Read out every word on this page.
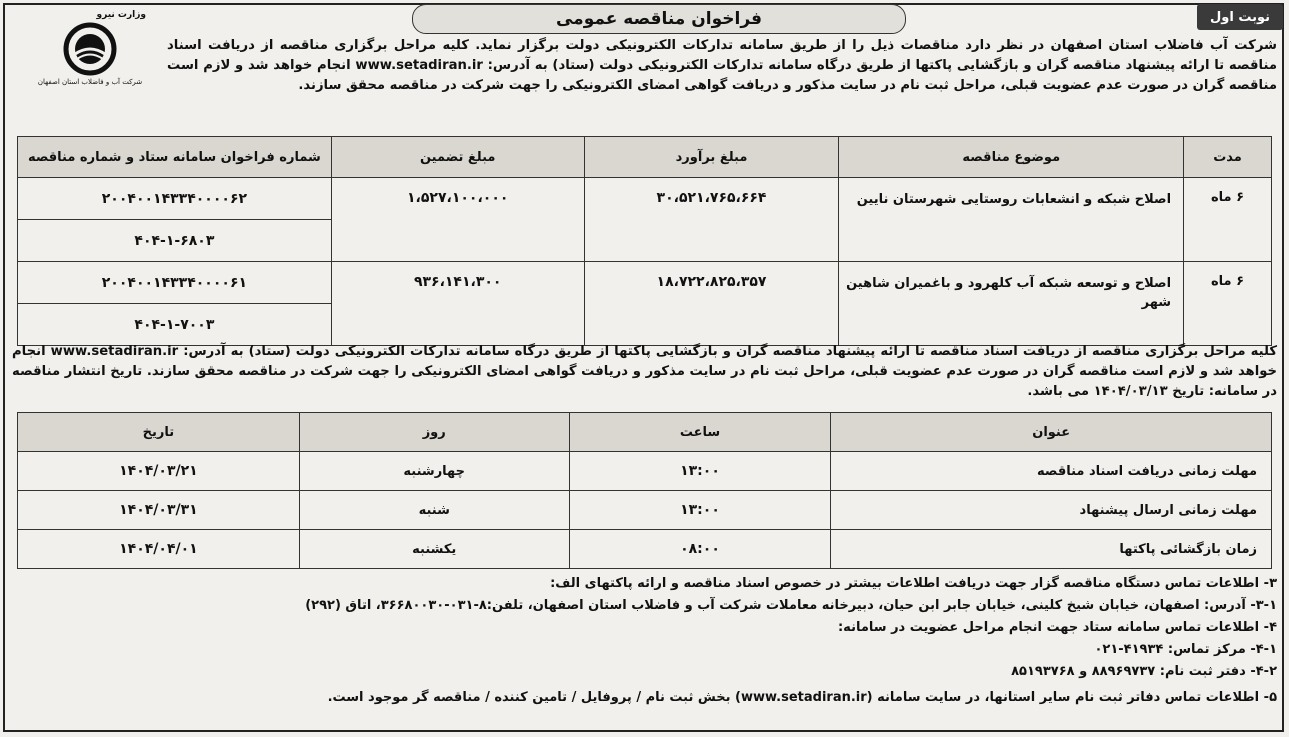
فراخوان مناقصه عمومی	نوبت اول
وزارت نیرو
شرکت آب و فاضلاب استان اصفهان
شرکت آب فاضلاب استان اصفهان در نظر دارد مناقصات ذیل را از طریق سامانه تدارکات الکترونیکی دولت برگزار نماید. کلیه مراحل برگزاری مناقصه از دریافت اسناد مناقصه تا ارائه پیشنهاد مناقصه گران و بازگشایی پاکتها از طریق درگاه سامانه تدارکات الکترونیکی دولت (ستاد) به آدرس: www.setadiran.ir انجام خواهد شد و لازم است مناقصه گران در صورت عدم عضویت قبلی، مراحل ثبت نام در سایت مذکور و دریافت گواهی امضای الکترونیکی را جهت شرکت در مناقصه محقق سازند.
مدت	موضوع مناقصه	مبلغ برآورد	مبلغ تضمین	شماره فراخوان سامانه ستاد و شماره مناقصه
۶ ماه	اصلاح شبکه و انشعابات روستایی شهرستان نایین	۳۰،۵۲۱،۷۶۵،۶۶۴	۱،۵۲۷،۱۰۰،۰۰۰	۲۰۰۴۰۰۱۴۳۳۴۰۰۰۰۶۲
				۴۰۴-۱-۶۸۰۳
۶ ماه	اصلاح و توسعه شبکه آب کلهرود و باغمیران شاهین شهر	۱۸،۷۲۲،۸۲۵،۳۵۷	۹۳۶،۱۴۱،۳۰۰	۲۰۰۴۰۰۱۴۳۳۴۰۰۰۰۶۱
				۴۰۴-۱-۷۰۰۳
کلیه مراحل برگزاری مناقصه از دریافت اسناد مناقصه تا ارائه پیشنهاد مناقصه گران و بازگشایی پاکتها از طریق درگاه سامانه تدارکات الکترونیکی دولت (ستاد) به آدرس: www.setadiran.ir انجام خواهد شد و لازم است مناقصه گران در صورت عدم عضویت قبلی، مراحل ثبت نام در سایت مذکور و دریافت گواهی امضای الکترونیکی را جهت شرکت در مناقصه محقق سازند. تاریخ انتشار مناقصه در سامانه: تاریخ ۱۴۰۴/۰۳/۱۳ می باشد.
عنوان	ساعت	روز	تاریخ
مهلت زمانی دریافت اسناد مناقصه	۱۳:۰۰	چهارشنبه	۱۴۰۴/۰۳/۲۱
مهلت زمانی ارسال پیشنهاد	۱۳:۰۰	شنبه	۱۴۰۴/۰۳/۳۱
زمان بازگشائی پاکتها	۰۸:۰۰	یکشنبه	۱۴۰۴/۰۴/۰۱
۳- اطلاعات تماس دستگاه مناقصه گزار جهت دریافت اطلاعات بیشتر در خصوص اسناد مناقصه و ارائه پاکتهای الف:
۳-۱- آدرس: اصفهان، خیابان شیخ کلینی، خیابان جابر ابن حیان، دبیرخانه معاملات شرکت آب و فاضلاب استان اصفهان، تلفن:۸-۰۳۱-۳۶۶۸۰۰۳۰، اتاق (۲۹۲)
۴- اطلاعات تماس سامانه ستاد جهت انجام مراحل عضویت در سامانه:
۴-۱- مرکز تماس: ۴۱۹۳۴-۰۲۱
۴-۲- دفتر ثبت نام: ۸۸۹۶۹۷۳۷ و ۸۵۱۹۳۷۶۸
۵- اطلاعات تماس دفاتر ثبت نام سایر استانها، در سایت سامانه (www.setadiran.ir) بخش ثبت نام / پروفایل / تامین کننده / مناقصه گر موجود است.
